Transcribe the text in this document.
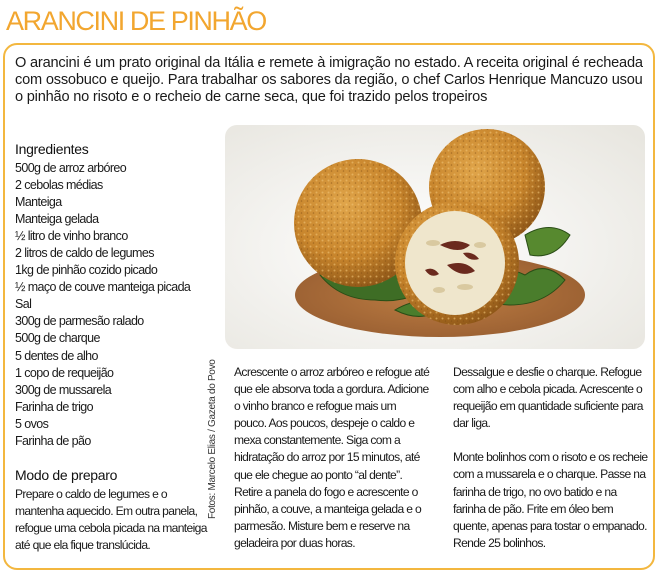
ARANCINI DE PINHÃO

O arancini é um prato original da Itália e remete à imigração no estado. A receita original é recheada com ossobuco e queijo. Para trabalhar os sabores da região, o chef Carlos Henrique Mancuzo usou o pinhão no risoto e o recheio de carne seca, que foi trazido pelos tropeiros

Fotos: Marcelo Elias / Gazeta do Povo
Ingredientes
500g de arroz arbóreo
2 cebolas médias
Manteiga
Manteiga gelada
½ litro de vinho branco
2 litros de caldo de legumes
1kg de pinhão cozido picado
½ maço de couve manteiga picada
Sal
300g de parmesão ralado
500g de charque
5 dentes de alho
1 copo de requeijão
300g de mussarela
Farinha de trigo
5 ovos
Farinha de pão
Modo de preparo

Prepare o caldo de legumes e o mantenha aquecido. Em outra panela, refogue uma cebola picada na manteiga até que ela fique translúcida.

Acrescente o arroz arbóreo e refogue até que ele absorva toda a gordura. Adicione o vinho branco e refogue mais um pouco. Aos poucos, despeje o caldo e mexa constantemente. Siga com a hidratação do arroz por 15 minutos, até que ele chegue ao ponto “al dente”. Retire a panela do fogo e acrescente o pinhão, a couve, a manteiga gelada e o parmesão. Misture bem e reserve na geladeira por duas horas.

Dessalgue e desfie o charque. Refogue com alho e cebola picada. Acrescente o requeijão em quantidade suficiente para dar liga.

Monte bolinhos com o risoto e os recheie com a mussarela e o charque. Passe na farinha de trigo, no ovo batido e na farinha de pão. Frite em óleo bem quente, apenas para tostar o empanado. Rende 25 bolinhos.
